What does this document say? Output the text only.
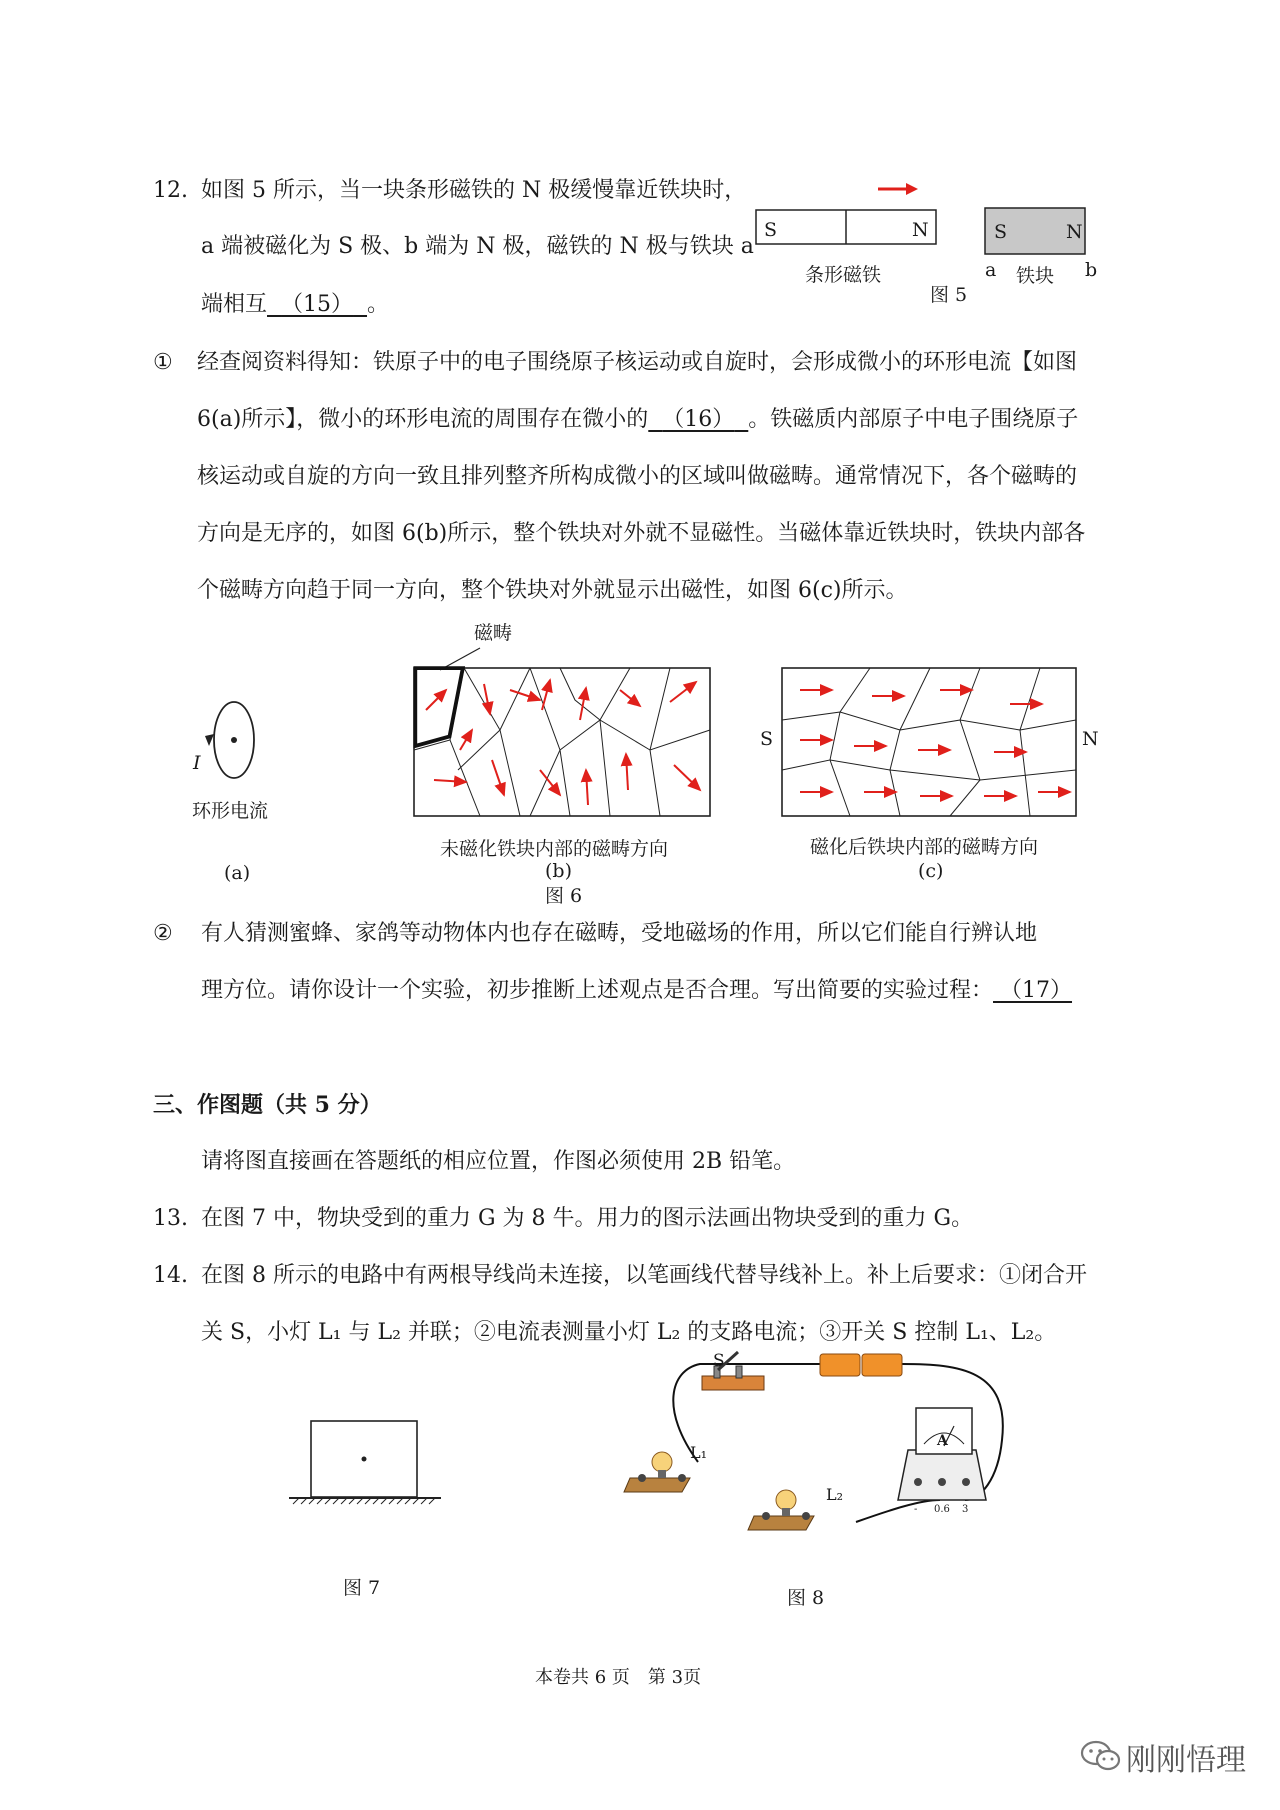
12. 如图 5 所示，当一块条形磁铁的 N 极缓慢靠近铁块时，
a 端被磁化为 S 极、b 端为 N 极，磁铁的 N 极与铁块 a
端相互 （15） 。
S	N
条形磁铁
S	N
a	b
铁块
图 5
① 经查阅资料得知：铁原子中的电子围绕原子核运动或自旋时，会形成微小的环形电流【如图
6(a)所示】，微小的环形电流的周围存在微小的 （16） 。铁磁质内部原子中电子围绕原子
核运动或自旋的方向一致且排列整齐所构成微小的区域叫做磁畴。通常情况下，各个磁畴的
方向是无序的，如图 6(b)所示，整个铁块对外就不显磁性。当磁体靠近铁块时，铁块内部各
个磁畴方向趋于同一方向，整个铁块对外就显示出磁性，如图 6(c)所示。
I
环形电流
(a)
磁畴
未磁化铁块内部的磁畴方向
(b)
S	N
磁化后铁块内部的磁畴方向
(c)
图 6
② 有人猜测蜜蜂、家鸽等动物体内也存在磁畴，受地磁场的作用，所以它们能自行辨认地
理方位。请你设计一个实验，初步推断上述观点是否合理。写出简要的实验过程： （17）
三、作图题（共 5 分）
请将图直接画在答题纸的相应位置，作图必须使用 2B 铅笔。
13. 在图 7 中，物块受到的重力 G 为 8 牛。用力的图示法画出物块受到的重力 G。
14. 在图 8 所示的电路中有两根导线尚未连接，以笔画线代替导线补上。补上后要求：①闭合开
关 S，小灯 L₁ 与 L₂ 并联；②电流表测量小灯 L₂ 的支路电流；③开关 S 控制 L₁、L₂。
图 7
S
L₁
L₂
A
- 0.6 3
图 8
本卷共 6 页　第 3页
刚刚悟理
